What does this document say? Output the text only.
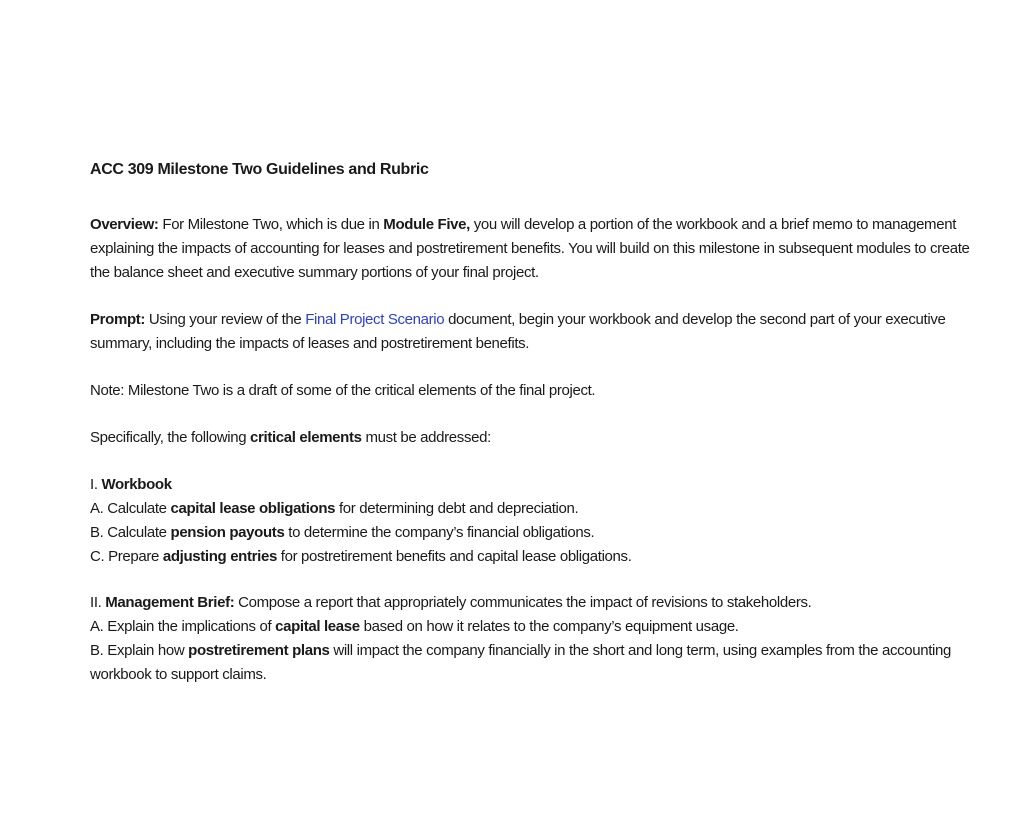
ACC 309 Milestone Two Guidelines and Rubric
Overview: For Milestone Two, which is due in Module Five, you will develop a portion of the workbook and a brief memo to management
explaining the impacts of accounting for leases and postretirement benefits. You will build on this milestone in subsequent modules to create
the balance sheet and executive summary portions of your final project.
Prompt: Using your review of the Final Project Scenario document, begin your workbook and develop the second part of your executive
summary, including the impacts of leases and postretirement benefits.
Note: Milestone Two is a draft of some of the critical elements of the final project.
Specifically, the following critical elements must be addressed:
I. Workbook
A. Calculate capital lease obligations for determining debt and depreciation.
B. Calculate pension payouts to determine the company’s financial obligations.
C. Prepare adjusting entries for postretirement benefits and capital lease obligations.
II. Management Brief: Compose a report that appropriately communicates the impact of revisions to stakeholders.
A. Explain the implications of capital lease based on how it relates to the company’s equipment usage.
B. Explain how postretirement plans will impact the company financially in the short and long term, using examples from the accounting
workbook to support claims.
